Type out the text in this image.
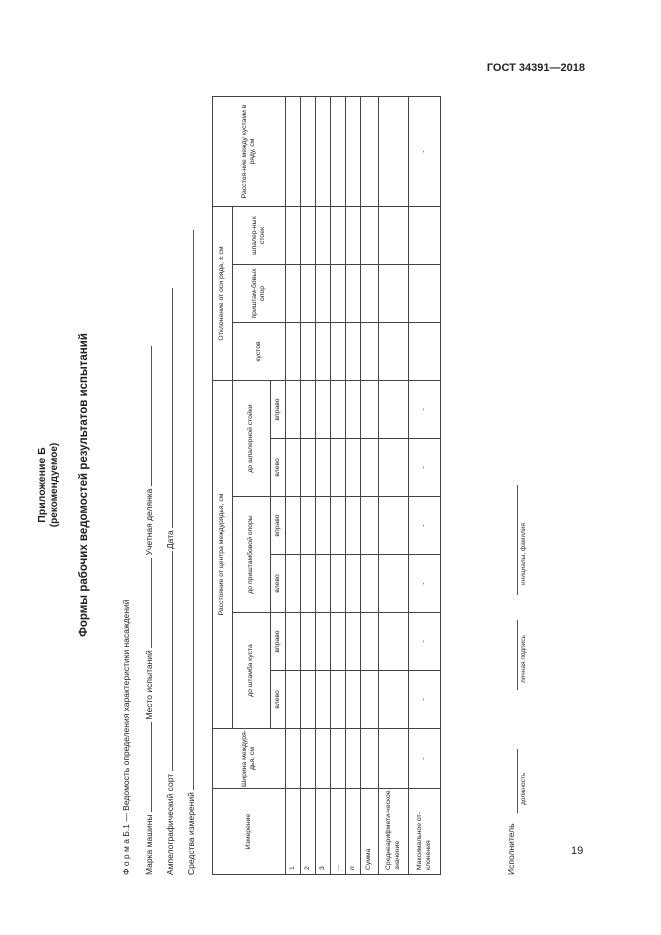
ГОСТ 34391—2018
Приложение Б (рекомендуемое) Формы рабочих ведомостей результатов испытаний
Ф о р м а Б.1 — Ведомость определения характеристики насаждений Марка машины  Место испытаний  Учетная делянка
Ампелографический сорт  Дата
Средства измерений	Измерение	Ширина междуря-дья, см	Расстояние от центра междурядья, см						Отклонение от оси ряда, ± см			Расстоя-ние между кустами в ряду, см
		до штамба куста		до приштамбовой опоры		до шпалерной стойки		кустов	приштам-бовых опор	шпалер-ных стоек	
		влево	вправо	влево	вправо	влево	вправо				
1											
2											
3											
...											
n											
Сумма											
Среднеарифмети-ческое значение											
Максимальное от-клонения	-	-	-	-	-	-	-				-
Исполнитель
должность
личная подпись
инициалы, фамилия
19
